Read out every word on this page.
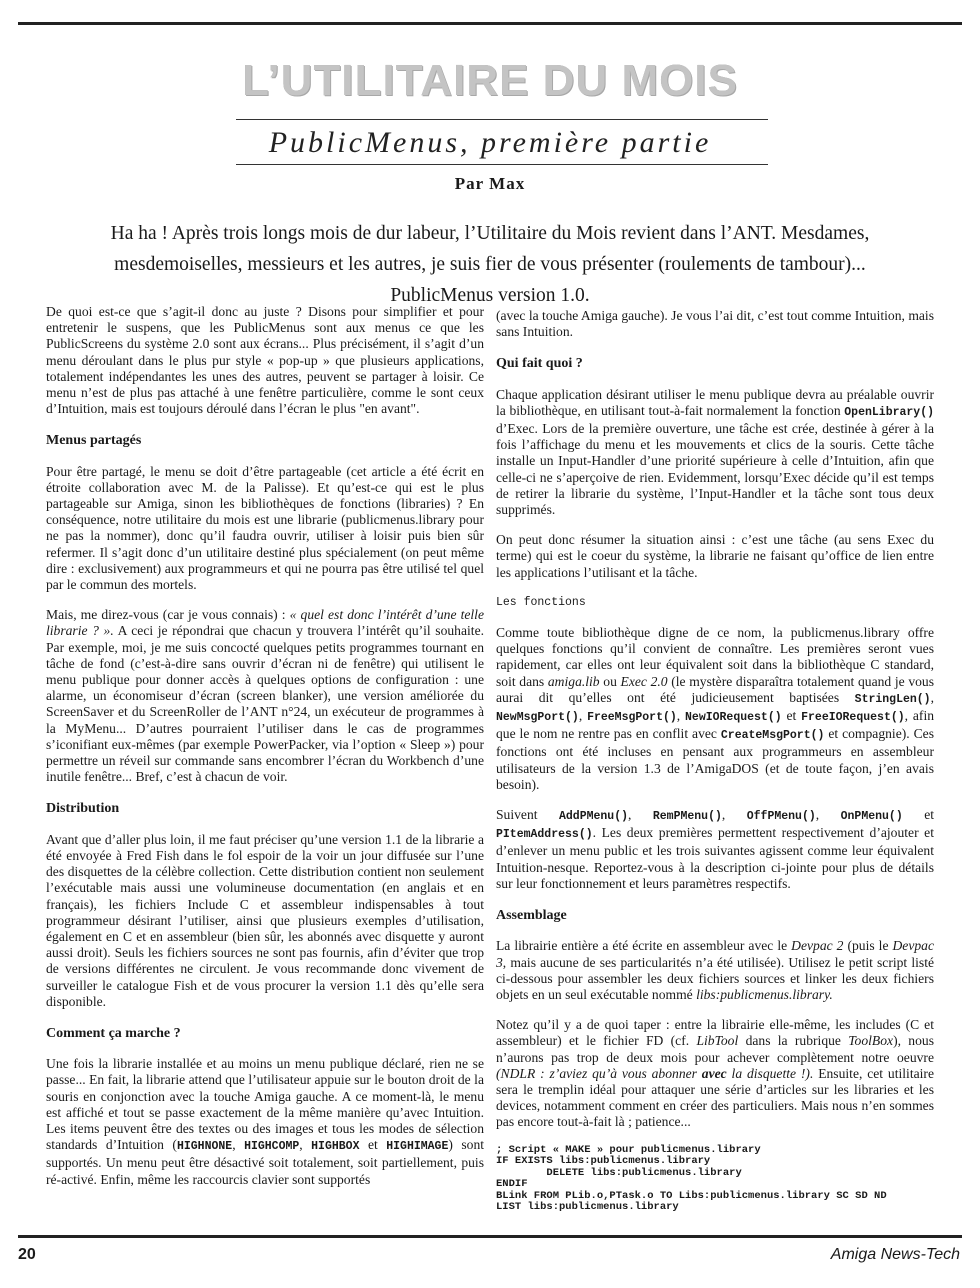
L’UTILITAIRE DU MOIS
PublicMenus, première partie
Par Max
Ha ha ! Après trois longs mois de dur labeur, l’Utilitaire du Mois revient dans l’ANT. Mesdames, mesdemoiselles, messieurs et les autres, je suis fier de vous présenter (roulements de tambour)... PublicMenus version 1.0.

De quoi est-ce que s’agit-il donc au juste ? Disons pour simplifier et pour entretenir le suspens, que les PublicMenus sont aux menus ce que les PublicScreens du système 2.0 sont aux écrans... Plus précisément, il s’agit d’un menu déroulant dans le plus pur style « pop-up » que plusieurs applications, totalement indépendantes les unes des autres, peuvent se partager à loisir. Ce menu n’est de plus pas attaché à une fenêtre particulière, comme le sont ceux d’Intuition, mais est toujours déroulé dans l’écran le plus "en avant".

Menus partagés

Pour être partagé, le menu se doit d’être partageable (cet article a été écrit en étroite collaboration avec M. de la Palisse). Et qu’est-ce qui est le plus partageable sur Amiga, sinon les bibliothèques de fonctions (libraries) ? En conséquence, notre utilitaire du mois est une librarie (publicmenus.library pour ne pas la nommer), donc qu’il faudra ouvrir, utiliser à loisir puis bien sûr refermer. Il s’agit donc d’un utilitaire destiné plus spécialement (on peut même dire : exclusivement) aux programmeurs et qui ne pourra pas être utilisé tel quel par le commun des mortels.

Mais, me direz-vous (car je vous connais) : « quel est donc l’intérêt d’une telle librarie ? ». A ceci je répondrai que chacun y trouvera l’intérêt qu’il souhaite. Par exemple, moi, je me suis concocté quelques petits programmes tournant en tâche de fond (c’est-à-dire sans ouvrir d’écran ni de fenêtre) qui utilisent le menu publique pour donner accès à quelques options de configuration : une alarme, un économiseur d’écran (screen blanker), une version améliorée du ScreenSaver et du ScreenRoller de l’ANT n°24, un exécuteur de programmes à la MyMenu... D’autres pourraient l’utiliser dans le cas de programmes s’iconifiant eux-mêmes (par exemple PowerPacker, via l’option « Sleep ») pour permettre un réveil sur commande sans encombrer l’écran du Workbench d’une inutile fenêtre... Bref, c’est à chacun de voir.

Distribution

Avant que d’aller plus loin, il me faut préciser qu’une version 1.1 de la librarie a été envoyée à Fred Fish dans le fol espoir de la voir un jour diffusée sur l’une des disquettes de la célèbre collection. Cette distribution contient non seulement l’exécutable mais aussi une volumineuse documentation (en anglais et en français), les fichiers Include C et assembleur indispensables à tout programmeur désirant l’utiliser, ainsi que plusieurs exemples d’utilisation, également en C et en assembleur (bien sûr, les abonnés avec disquette y auront aussi droit). Seuls les fichiers sources ne sont pas fournis, afin d’éviter que trop de versions différentes ne circulent. Je vous recommande donc vivement de surveiller le catalogue Fish et de vous procurer la version 1.1 dès qu’elle sera disponible.

Comment ça marche ?

Une fois la librarie installée et au moins un menu publique déclaré, rien ne se passe... En fait, la librarie attend que l’utilisateur appuie sur le bouton droit de la souris en conjonction avec la touche Amiga gauche. A ce moment-là, le menu est affiché et tout se passe exactement de la même manière qu’avec Intuition. Les items peuvent être des textes ou des images et tous les modes de sélection standards d’Intuition (HIGHNONE, HIGHCOMP, HIGHBOX et HIGHIMAGE) sont supportés. Un menu peut être désactivé soit totalement, soit partiellement, puis ré-activé. Enfin, même les raccourcis clavier sont supportés

(avec la touche Amiga gauche). Je vous l’ai dit, c’est tout comme Intuition, mais sans Intuition.

Qui fait quoi ?

Chaque application désirant utiliser le menu publique devra au préalable ouvrir la bibliothèque, en utilisant tout-à-fait normalement la fonction OpenLibrary() d’Exec. Lors de la première ouverture, une tâche est crée, destinée à gérer à la fois l’affichage du menu et les mouvements et clics de la souris. Cette tâche installe un Input-Handler d’une priorité supérieure à celle d’Intuition, afin que celle-ci ne s’aperçoive de rien. Evidemment, lorsqu’Exec décide qu’il est temps de retirer la librarie du système, l’Input-Handler et la tâche sont tous deux supprimés.

On peut donc résumer la situation ainsi : c’est une tâche (au sens Exec du terme) qui est le coeur du système, la librarie ne faisant qu’office de lien entre les applications l’utilisant et la tâche.

Les fonctions

Comme toute bibliothèque digne de ce nom, la publicmenus.library offre quelques fonctions qu’il convient de connaître. Les premières seront vues rapidement, car elles ont leur équivalent soit dans la bibliothèque C standard, soit dans amiga.lib ou Exec 2.0 (le mystère disparaîtra totalement quand je vous aurai dit qu’elles ont été judicieusement baptisées StringLen(), NewMsgPort(), FreeMsgPort(), NewIORequest() et FreeIORequest(), afin que le nom ne rentre pas en conflit avec CreateMsgPort() et compagnie). Ces fonctions ont été incluses en pensant aux programmeurs en assembleur utilisateurs de la version 1.3 de l’AmigaDOS (et de toute façon, j’en avais besoin).

Suivent AddPMenu(), RemPMenu(), OffPMenu(), OnPMenu() et PItemAddress(). Les deux premières permettent respectivement d’ajouter et d’enlever un menu public et les trois suivantes agissent comme leur équivalent Intuition-nesque. Reportez-vous à la description ci-jointe pour plus de détails sur leur fonctionnement et leurs paramètres respectifs.

Assemblage

La librairie entière a été écrite en assembleur avec le Devpac 2 (puis le Devpac 3, mais aucune de ses particularités n’a été utilisée). Utilisez le petit script listé ci-dessous pour assembler les deux fichiers sources et linker les deux fichiers objets en un seul exécutable nommé libs:publicmenus.library.

Notez qu’il y a de quoi taper : entre la librairie elle-même, les includes (C et assembleur) et le fichier FD (cf. LibTool dans la rubrique ToolBox), nous n’aurons pas trop de deux mois pour achever complètement notre oeuvre (NDLR : z’aviez qu’à vous abonner avec la disquette !). Ensuite, cet utilitaire sera le tremplin idéal pour attaquer une série d’articles sur les libraries et les devices, notamment comment en créer des particuliers. Mais nous n’en sommes pas encore tout-à-fait là ; patience...

; Script « MAKE » pour publicmenus.library
IF EXISTS libs:publicmenus.library
DELETE libs:publicmenus.library
ENDIF
BLink FROM PLib.o,PTask.o TO Libs:publicmenus.library SC SD ND
LIST libs:publicmenus.library
20	Amiga News-Tech
